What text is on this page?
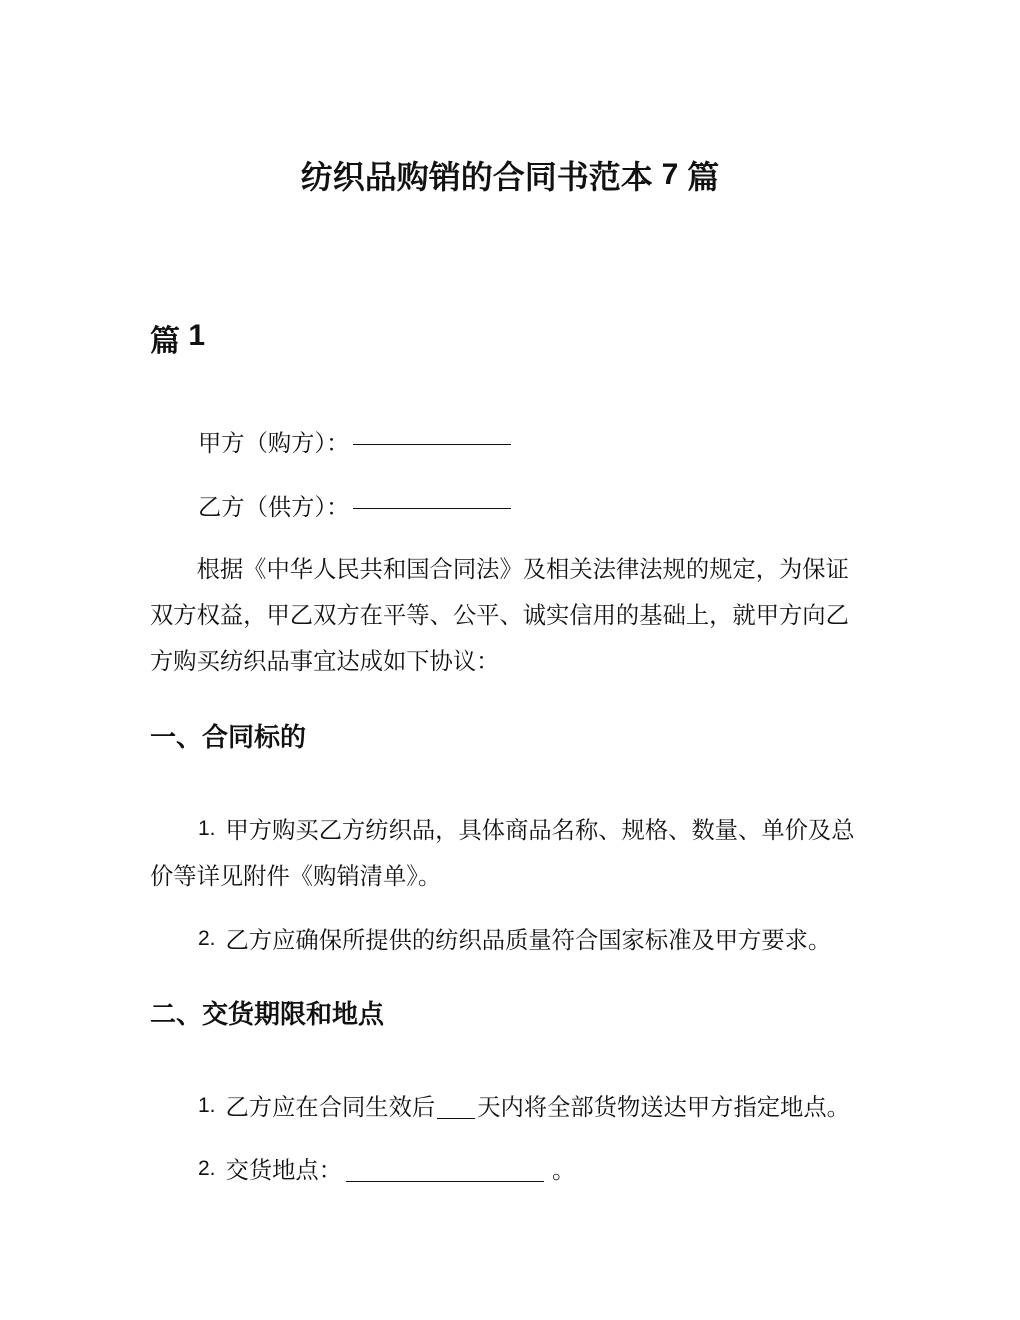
纺织品购销的合同书范本 7 篇
篇 1
甲方（购方）：
乙方（供方）：
根据《中华人民共和国合同法》及相关法律法规的规定，为保证双方权益，甲乙双方在平等、公平、诚实信用的基础上，就甲方向乙方购买纺织品事宜达成如下协议：
一、合同标的
1. 甲方购买乙方纺织品，具体商品名称、规格、数量、单价及总价等详见附件《购销清单》。
2. 乙方应确保所提供的纺织品质量符合国家标准及甲方要求。
二、交货期限和地点
1. 乙方应在合同生效后 天内将全部货物送达甲方指定地点。
2. 交货地点：	。
